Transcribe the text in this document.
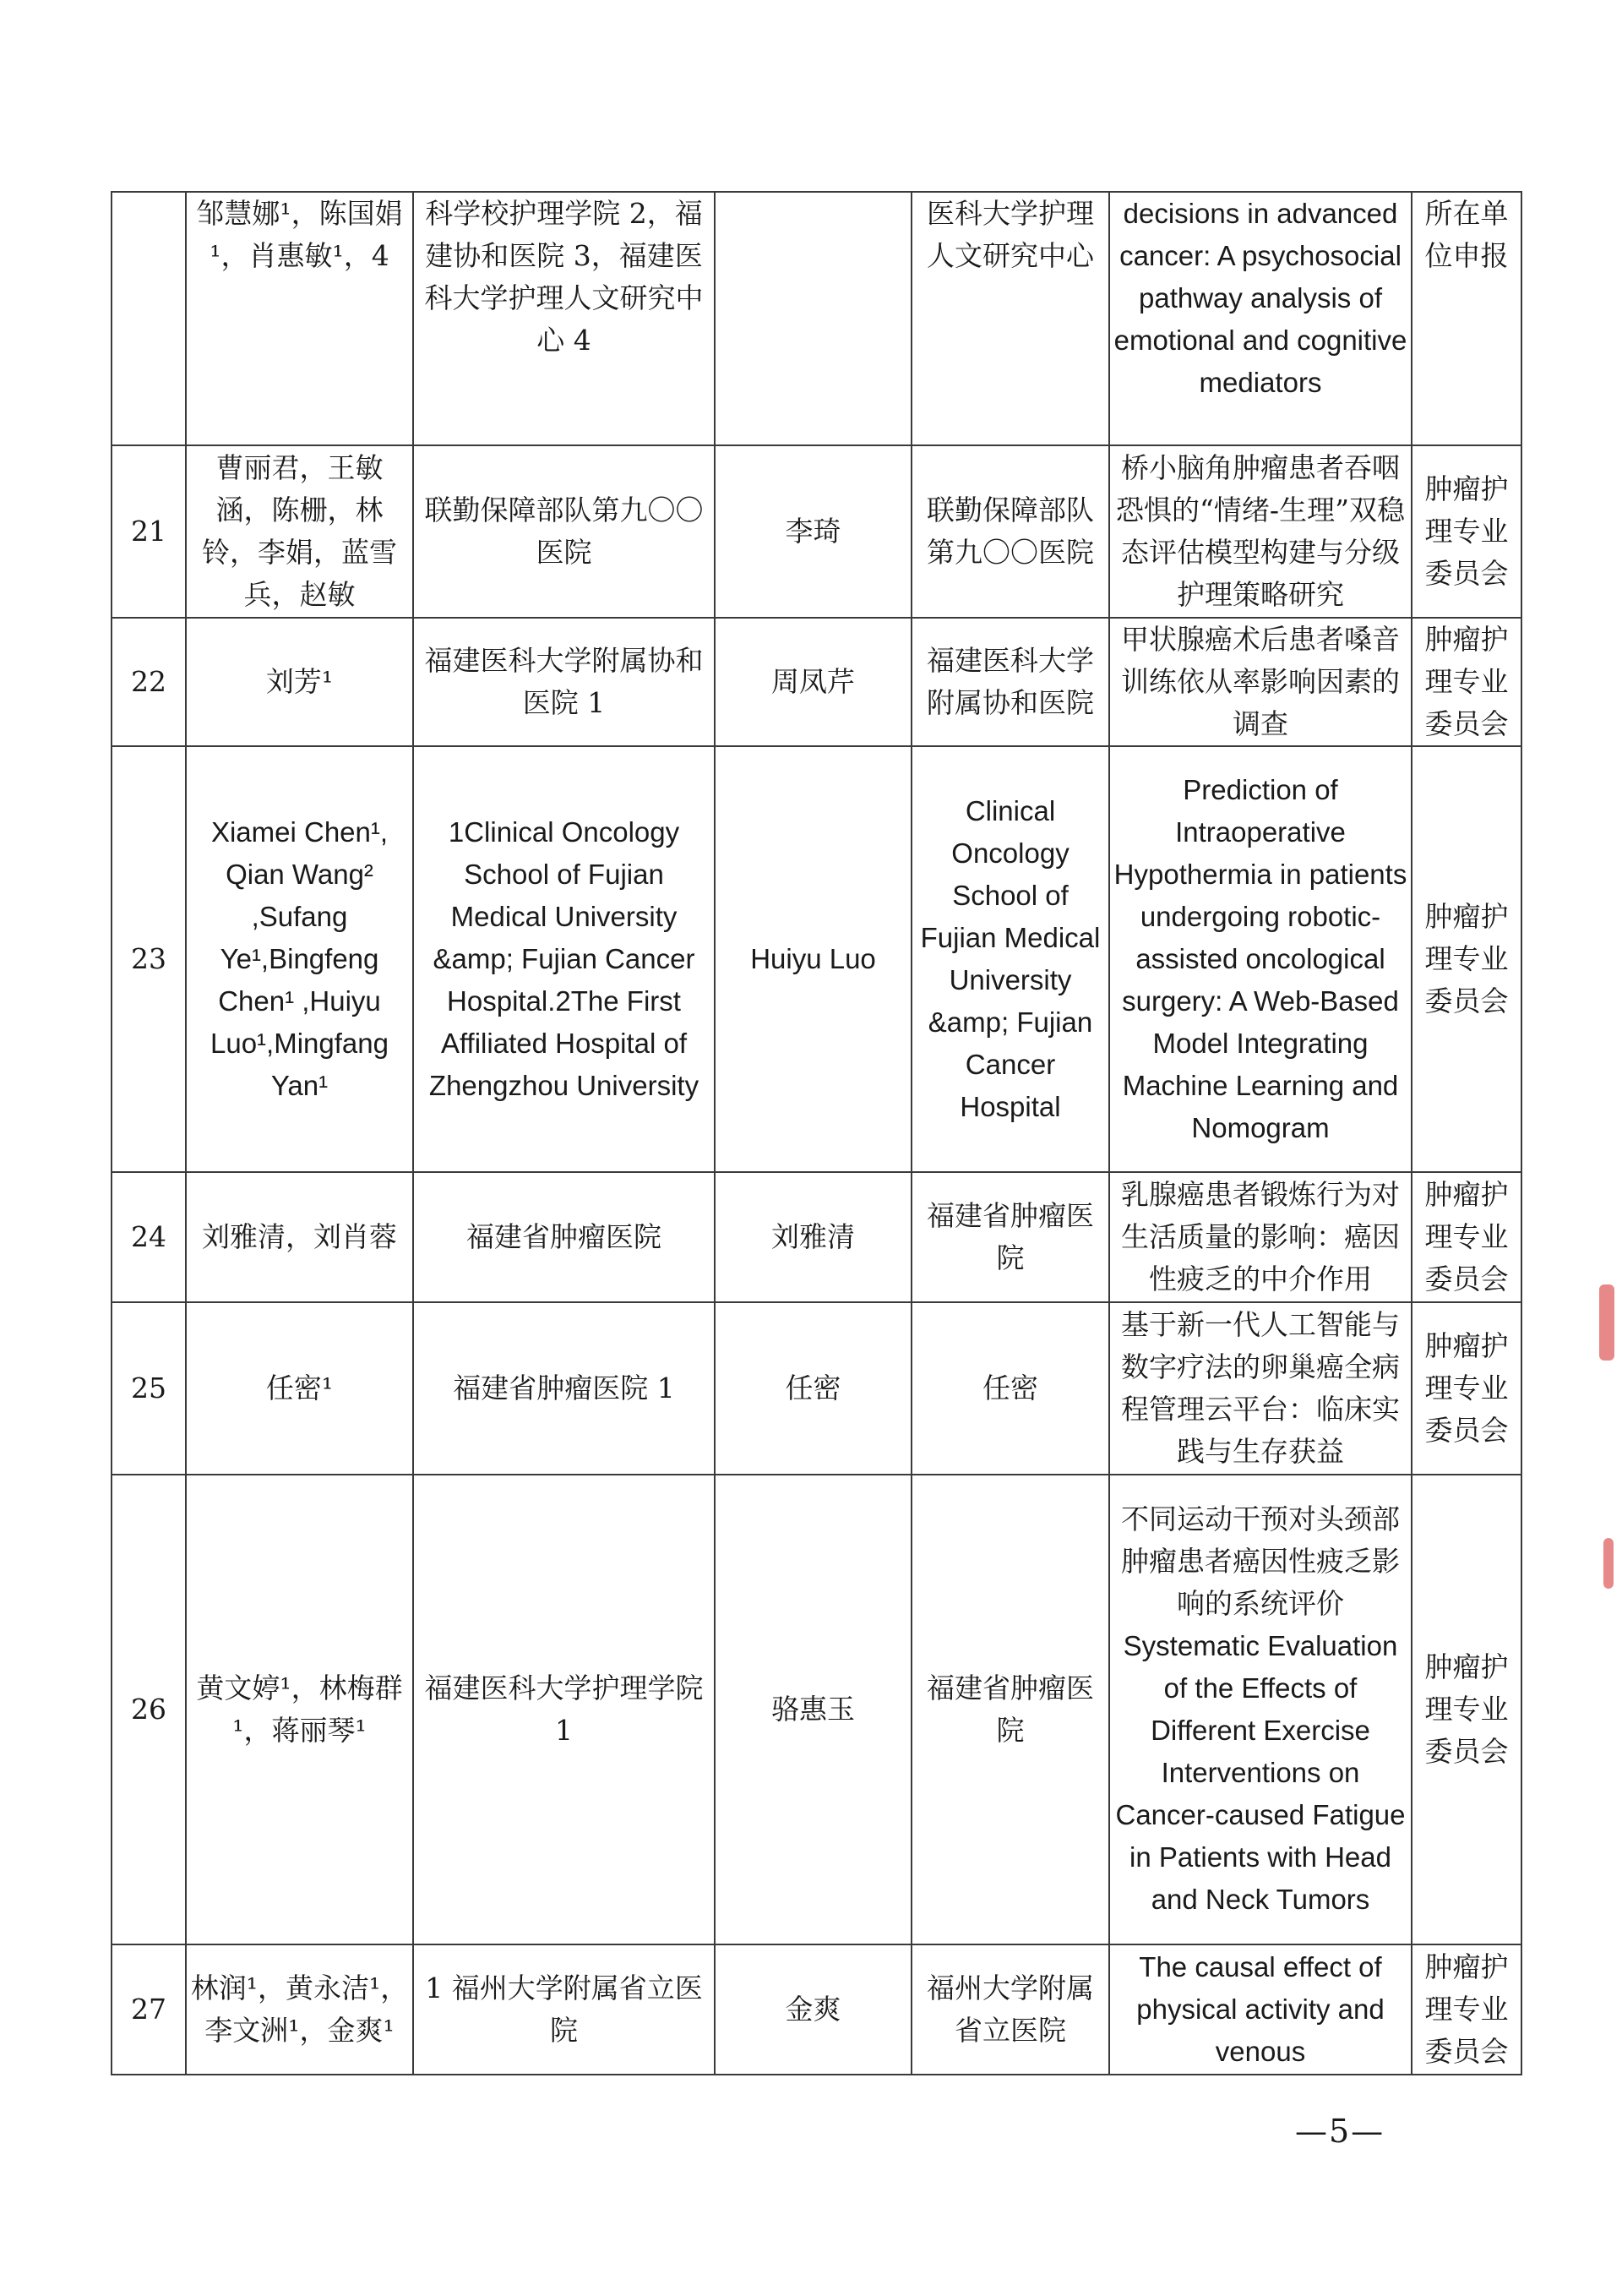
	邹慧娜¹，陈国娟¹，肖惠敏¹，4	科学校护理学院 2，福建协和医院 3，福建医科大学护理人文研究中心 4		医科大学护理人文研究中心	decisions in advanced cancer: A psychosocial pathway analysis of emotional and cognitive mediators	所在单位申报
21	曹丽君，王敏涵，陈栅，林铃，李娟，蓝雪兵，赵敏	联勤保障部队第九〇〇医院	李琦	联勤保障部队第九〇〇医院	桥小脑角肿瘤患者吞咽恐惧的“情绪-生理”双稳态评估模型构建与分级护理策略研究	肿瘤护理专业委员会
22	刘芳¹	福建医科大学附属协和医院 1	周凤芹	福建医科大学附属协和医院	甲状腺癌术后患者嗓音训练依从率影响因素的调查	肿瘤护理专业委员会
23	Xiamei Chen¹, Qian Wang² ,Sufang Ye¹,Bingfeng Chen¹ ,Huiyu Luo¹,Mingfang Yan¹	1Clinical Oncology School of Fujian Medical University &amp; Fujian Cancer Hospital.2The First Affiliated Hospital of Zhengzhou University	Huiyu Luo	Clinical Oncology School of Fujian Medical University &amp; Fujian Cancer Hospital	Prediction of Intraoperative Hypothermia in patients undergoing robotic-assisted oncological surgery: A Web-Based Model Integrating Machine Learning and Nomogram	肿瘤护理专业委员会
24	刘雅清，刘肖蓉	福建省肿瘤医院	刘雅清	福建省肿瘤医院	乳腺癌患者锻炼行为对生活质量的影响：癌因性疲乏的中介作用	肿瘤护理专业委员会
25	任密¹	福建省肿瘤医院 1	任密	任密	基于新一代人工智能与数字疗法的卵巢癌全病程管理云平台：临床实践与生存获益	肿瘤护理专业委员会
26	黄文婷¹，林梅群¹，蒋丽琴¹	福建医科大学护理学院 1	骆惠玉	福建省肿瘤医院	不同运动干预对头颈部肿瘤患者癌因性疲乏影响的系统评价 Systematic Evaluation of the Effects of Different Exercise Interventions on Cancer-caused Fatigue in Patients with Head and Neck Tumors	肿瘤护理专业委员会
27	林润¹，黄永洁¹，李文洲¹，金爽¹	1 福州大学附属省立医院	金爽	福州大学附属省立医院	The causal effect of physical activity and venous	肿瘤护理专业委员会
—5—
